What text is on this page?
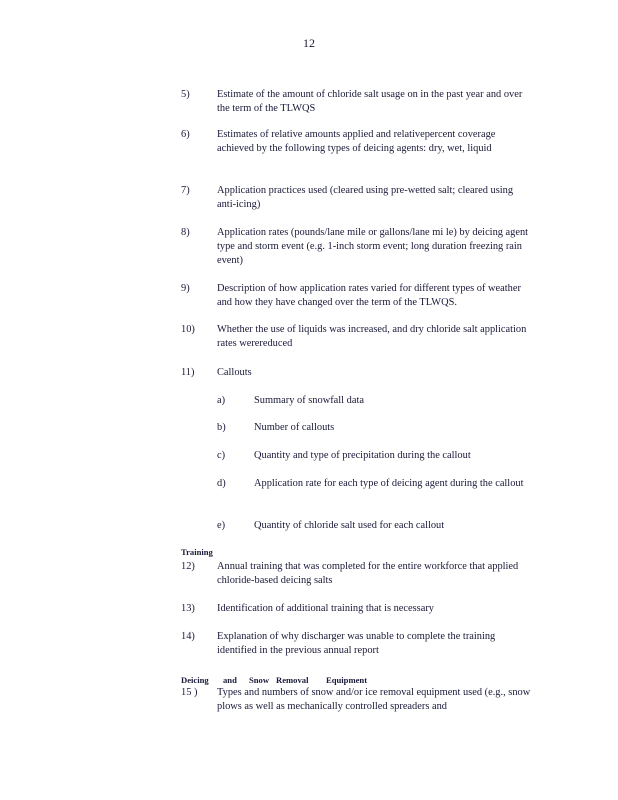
12
5)	Estimate of the amount of chloride salt usage on in the past year and over the term of the TLWQS
6)	Estimates of relative amounts applied and relativepercent coverage achieved by the following types of deicing agents: dry, wet, liquid
7)	Application practices used (cleared using pre-wetted salt; cleared using anti-icing)
8)	Application rates (pounds/lane mile or gallons/lane mi le) by deicing agent type and storm event (e.g. 1-inch storm event; long duration freezing rain event)
9)	Description of how application rates varied for different types of weather and how they have changed over the term of the TLWQS.
10)	Whether the use of liquids was increased, and dry chloride salt application rates werereduced
11)	Callouts
a)	Summary of snowfall data
b)	Number of callouts
c)	Quantity and type of precipitation during the callout
d)	Application rate for each type of deicing agent during the callout
e)	Quantity of chloride salt used for each callout
Training
12)	Annual training that was completed for the entire workforce that applied chloride-based deicing salts
13)	Identification of additional training that is necessary
14)	Explanation of why discharger was unable to complete the training identified in the previous annual report
Deicing and Snow Removal Equipment
15 )	Types and numbers of snow and/or ice removal equipment used (e.g., snow plows as well as mechanically controlled spreaders and
